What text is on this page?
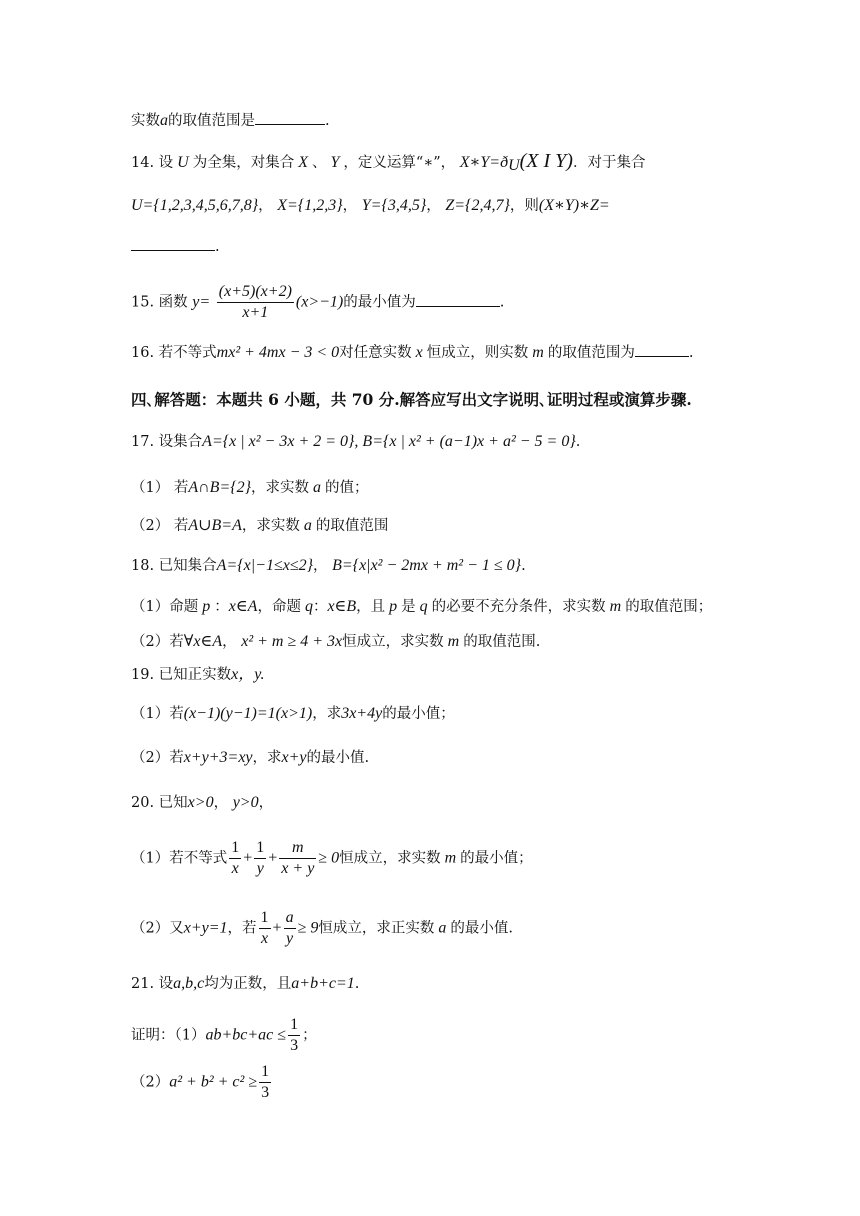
实数a的取值范围是	.
14. 设 U 为全集，对集合 X 、 Y ，定义运算“∗”， $X∗Y=ð_U(X$ I Y)．对于集合
U={1,2,3,4,5,6,7,8}， X={1,2,3}， Y={3,4,5}， Z={2,4,7}，则(X∗Y)∗Z=
.
15. 函数 $y= \frac{(x+5)(x+2)}{x+1} (x>-1)$的最小值为	.
16. 若不等式mx² + 4mx − 3 < 0对任意实数 x 恒成立，则实数 m 的取值范围为	.
四､解答题：本题共 6 小题，共 70 分.解答应写出文字说明､证明过程或演算步骤.
17. 设集合A={x | x² − 3x + 2 = 0}, B={x | x² + (a−1)x + a² − 5 = 0}.
（1） 若A∩B={2}，求实数 a 的值；
（2） 若A∪B=A，求实数 a 的取值范围
18. 已知集合A={x|−1≤x≤2}， B={x|x² − 2mx + m² − 1 ≤ 0}.
（1）命题 p ：x∈A，命题 q：x∈B，且 p 是 q 的必要不充分条件，求实数 m 的取值范围；
（2）若∀x∈A， x² + m ≥ 4 + 3x恒成立，求实数 m 的取值范围.
19. 已知正实数x，y.
（1）若(x−1)(y−1)=1(x>1)，求3x+4y的最小值；
（2）若x+y+3=xy，求x+y的最小值.
20. 已知x>0， y>0，
（1）若不等式 $\frac{1}{x} + \frac{1}{y} + \frac{m}{x + y} \ge 0$恒成立，求实数 m 的最小值；
（2）又x+y=1，若 $\frac{1}{x} + \frac{a}{y} \ge 9$恒成立，求正实数 a 的最小值.
21. 设a,b,c均为正数，且a+b+c=1.
证明：$(1)ab+bc+ac \le \frac{1}{3}$ ；
$(2)a^2 + b^2 + c^2 \ge \frac{1}{3}$
